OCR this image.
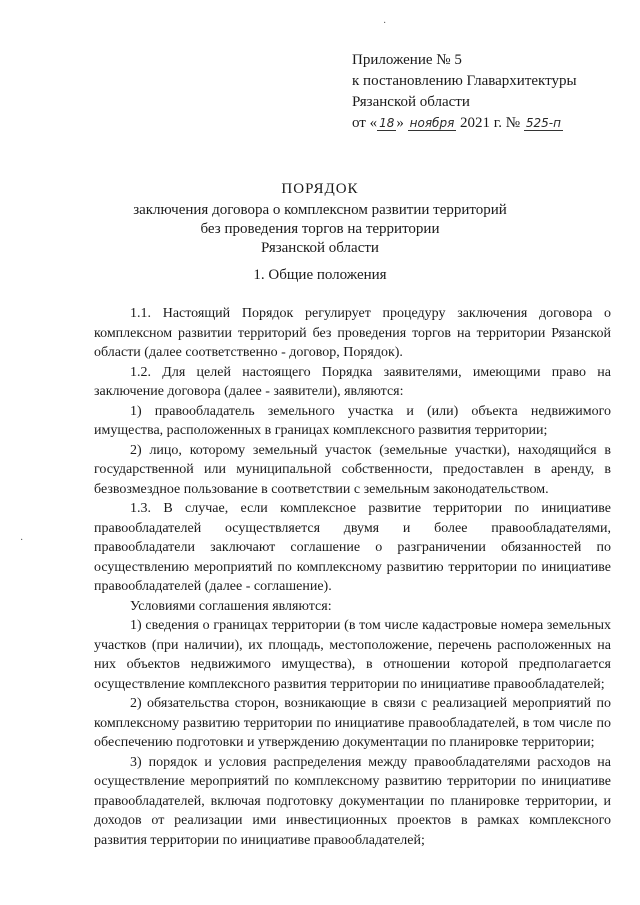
Приложение № 5
к постановлению Главархитектуры
Рязанской области
от « 18 » ноября 2021 г. № 525-п
ПОРЯДОК
заключения договора о комплексном развитии территорий
без проведения торгов на территории
Рязанской области
1. Общие положения

1.1. Настоящий Порядок регулирует процедуру заключения договора о комплексном развитии территорий без проведения торгов на территории Рязанской области (далее соответственно - договор, Порядок).

1.2. Для целей настоящего Порядка заявителями, имеющими право на заключение договора (далее - заявители), являются:

1) правообладатель земельного участка и (или) объекта недвижимого имущества, расположенных в границах комплексного развития территории;

2) лицо, которому земельный участок (земельные участки), находящийся в государственной или муниципальной собственности, предоставлен в аренду, в безвозмездное пользование в соответствии с земельным законодательством.

1.3. В случае, если комплексное развитие территории по инициативе правообладателей осуществляется двумя и более правообладателями, правообладатели заключают соглашение о разграничении обязанностей по осуществлению мероприятий по комплексному развитию территории по инициативе правообладателей (далее - соглашение).

Условиями соглашения являются:

1) сведения о границах территории (в том числе кадастровые номера земельных участков (при наличии), их площадь, местоположение, перечень расположенных на них объектов недвижимого имущества), в отношении которой предполагается осуществление комплексного развития территории по инициативе правообладателей;

2) обязательства сторон, возникающие в связи с реализацией мероприятий по комплексному развитию территории по инициативе правообладателей, в том числе по обеспечению подготовки и утверждению документации по планировке территории;

3) порядок и условия распределения между правообладателями расходов на осуществление мероприятий по комплексному развитию территории по инициативе правообладателей, включая подготовку документации по планировке территории, и доходов от реализации ими инвестиционных проектов в рамках комплексного развития территории по инициативе правообладателей;

·
·
